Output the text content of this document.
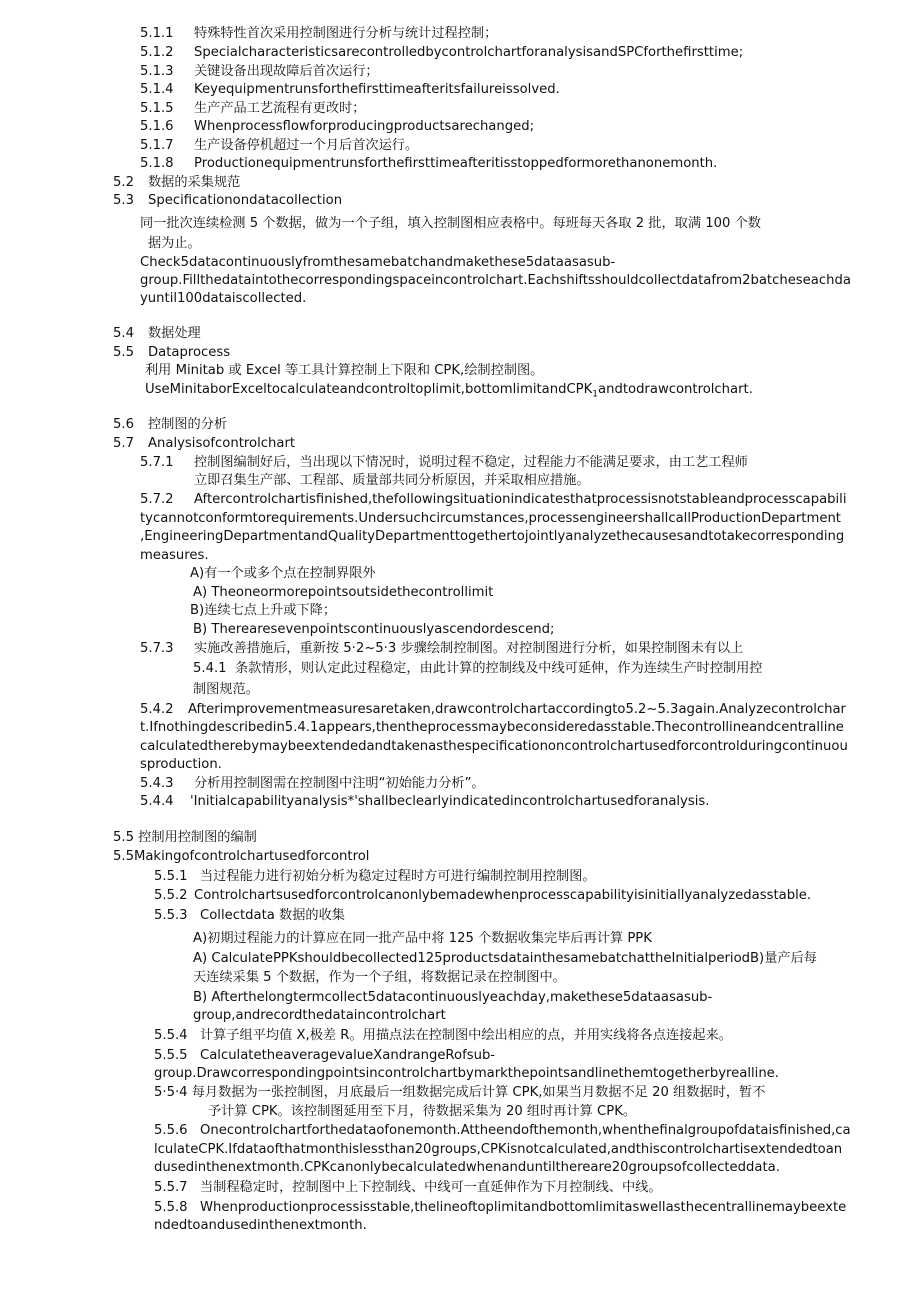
5.1.1 特殊特性首次采用控制图进行分析与统计过程控制；
5.1.2 SpecialcharacteristicsarecontrolledbycontrolchartforanalysisandSPCforthefirsttime;
5.1.3 关键设备出现故障后首次运行；
5.1.4 Keyequipmentrunsforthefirsttimeafteritsfailureissolved.
5.1.5 生产产品工艺流程有更改时；
5.1.6 Whenprocessflowforproducingproductsarechanged;
5.1.7 生产设备停机超过一个月后首次运行。
5.1.8 Productionequipmentrunsforthefirsttimeafteritisstoppedformorethanonemonth.
5.2 数据的采集规范
5.3 Specificationondatacollection
同一批次连续检测 5 个数据，做为一个子组，填入控制图相应表格中。每班每天各取 2 批，取满 100 个数
据为止。
Check5datacontinuouslyfromthesamebatchandmakethese5dataasasub-
group.Fillthedataintothecorrespondingspaceincontrolchart.Eachshiftsshouldcollectdatafrom2batcheseachda
yuntil100dataiscollected.
5.4 数据处理
5.5 Dataprocess
利用 Minitab 或 Excel 等工具计算控制上下限和 CPK,绘制控制图。
UseMinitaborExceltocalculateandcontroltoplimit,bottomlimitandCPK$_1$andtodrawcontrolchart.
5.6 控制图的分析
5.7 Analysisofcontrolchart
5.7.1 控制图编制好后，当出现以下情况时，说明过程不稳定，过程能力不能满足要求，由工艺工程师
立即召集生产部、工程部、质量部共同分析原因，并采取相应措施。
5.7.2 Aftercontrolchartisfinished,thefollowingsituationindicatesthatprocessisnotstableandprocesscapabili
tycannotconformtorequirements.Undersuchcircumstances,processengineershallcallProductionDepartment
,EngineeringDepartmentandQualityDepartmenttogethertojointlyanalyzethecausesandtotakecorresponding
measures.
A)有一个或多个点在控制界限外
A) Theoneormorepointsoutsidethecontrollimit
B)连续七点上升或下降；
B) Therearesevenpointscontinuouslyascendordescend;
5.7.3 实施改善措施后，重新按 5·2~5·3 步骤绘制控制图。对控制图进行分析，如果控制图未有以上
5.4.1 条款情形，则认定此过程稳定，由此计算的控制线及中线可延伸，作为连续生产时控制用控
制图规范。
5.4.2 Afterimprovementmeasuresaretaken,drawcontrolchartaccordingto5.2~5.3again.Analyzecontrolchar
t.Ifnothingdescribedin5.4.1appears,thentheprocessmaybeconsideredasstable.Thecontrollineandcentralline
calculatedtherebymaybeextendedandtakenasthespecificationoncontrolchartusedforcontrolduringcontinuou
sproduction.
5.4.3 分析用控制图需在控制图中注明“初始能力分析”。
5.4.4 'Initialcapabilityanalysis*'shallbeclearlyindicatedincontrolchartusedforanalysis.
5.5 控制用控制图的编制
5.5Makingofcontrolchartusedforcontrol
5.5.1 当过程能力进行初始分析为稳定过程时方可进行编制控制用控制图。
5.5.2 Controlchartsusedforcontrolcanonlybemadewhenprocesscapabilityisinitiallyanalyzedasstable.
5.5.3 Collectdata 数据的收集
A)初期过程能力的计算应在同一批产品中将 125 个数据收集完毕后再计算 PPK
A) CalculatePPKshouldbecollected125productsdatainthesamebatchattheInitialperiodB)量产后每
天连续采集 5 个数据，作为一个子组，将数据记录在控制图中。
B) Afterthelongtermcollect5datacontinuouslyeachday,makethese5dataasasub-
group,andrecordthedataincontrolchart
5.5.4 计算子组平均值 X,极差 R。用描点法在控制图中绘出相应的点，并用实线将各点连接起来。
5.5.5 CalculatetheaveragevalueXandrangeRofsub-
group.Drawcorrespondingpointsincontrolchartbymarkthepointsandlinethemtogetherbyrealline.
5·5·4 每月数据为一张控制图，月底最后一组数据完成后计算 CPK,如果当月数据不足 20 组数据时，暂不
予计算 CPK。该控制图延用至下月，待数据采集为 20 组时再计算 CPK。
5.5.6 Onecontrolchartforthedataofonemonth.Attheendofthemonth,whenthefinalgroupofdataisfinished,ca
lculateCPK.Ifdataofthatmonthislessthan20groups,CPKisnotcalculated,andthiscontrolchartisextendedtoan
dusedinthenextmonth.CPKcanonlybecalculatedwhenanduntilthereare20groupsofcollecteddata.
5.5.7 当制程稳定时，控制图中上下控制线、中线可一直延伸作为下月控制线、中线。
5.5.8 Whenproductionprocessisstable,thelineoftoplimitandbottomlimitaswellasthecentrallinemaybeexte
ndedtoandusedinthenextmonth.
